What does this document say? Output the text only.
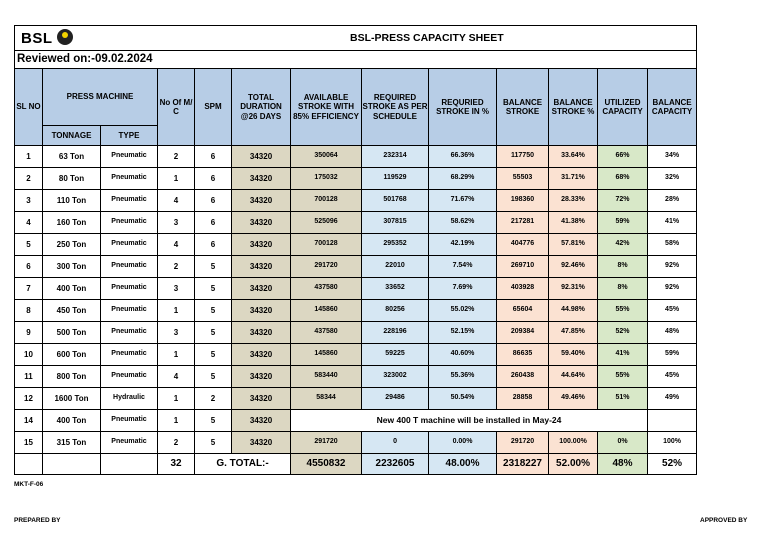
BSL			BSL-PRESS CAPACITY SHEET									
Reviewed on:-09.02.2024												
SL NO	PRESS MACHINE		No Of M/ C	SPM	TOTAL DURATION @26 DAYS	AVAILABLE STROKE WITH 85% EFFICIENCY	REQUIRED STROKE AS PER SCHEDULE	REQURIED STROKE IN %	BALANCE STROKE	BALANCE STROKE %	UTILIZED CAPACITY	BALANCE CAPACITY
	TONNAGE	TYPE										
1	63 Ton	Pneumatic	2	6	34320	350064	232314	66.36%	117750	33.64%	66%	34%
2	80 Ton	Pneumatic	1	6	34320	175032	119529	68.29%	55503	31.71%	68%	32%
3	110 Ton	Pneumatic	4	6	34320	700128	501768	71.67%	198360	28.33%	72%	28%
4	160 Ton	Pneumatic	3	6	34320	525096	307815	58.62%	217281	41.38%	59%	41%
5	250 Ton	Pneumatic	4	6	34320	700128	295352	42.19%	404776	57.81%	42%	58%
6	300 Ton	Pneumatic	2	5	34320	291720	22010	7.54%	269710	92.46%	8%	92%
7	400 Ton	Pneumatic	3	5	34320	437580	33652	7.69%	403928	92.31%	8%	92%
8	450 Ton	Pneumatic	1	5	34320	145860	80256	55.02%	65604	44.98%	55%	45%
9	500 Ton	Pneumatic	3	5	34320	437580	228196	52.15%	209384	47.85%	52%	48%
10	600 Ton	Pneumatic	1	5	34320	145860	59225	40.60%	86635	59.40%	41%	59%
11	800 Ton	Pneumatic	4	5	34320	583440	323002	55.36%	260438	44.64%	55%	45%
12	1600 Ton	Hydraulic	1	2	34320	58344	29486	50.54%	28858	49.46%	51%	49%
14	400 Ton	Pneumatic	1	5	34320	New 400 T machine will be installed in May-24						
15	315 Ton	Pneumatic	2	5	34320	291720	0	0.00%	291720	100.00%	0%	100%
			32	G. TOTAL:-		4550832	2232605	48.00%	2318227	52.00%	48%	52%
MKT-F-06
PREPARED BY	APPROVED BY
